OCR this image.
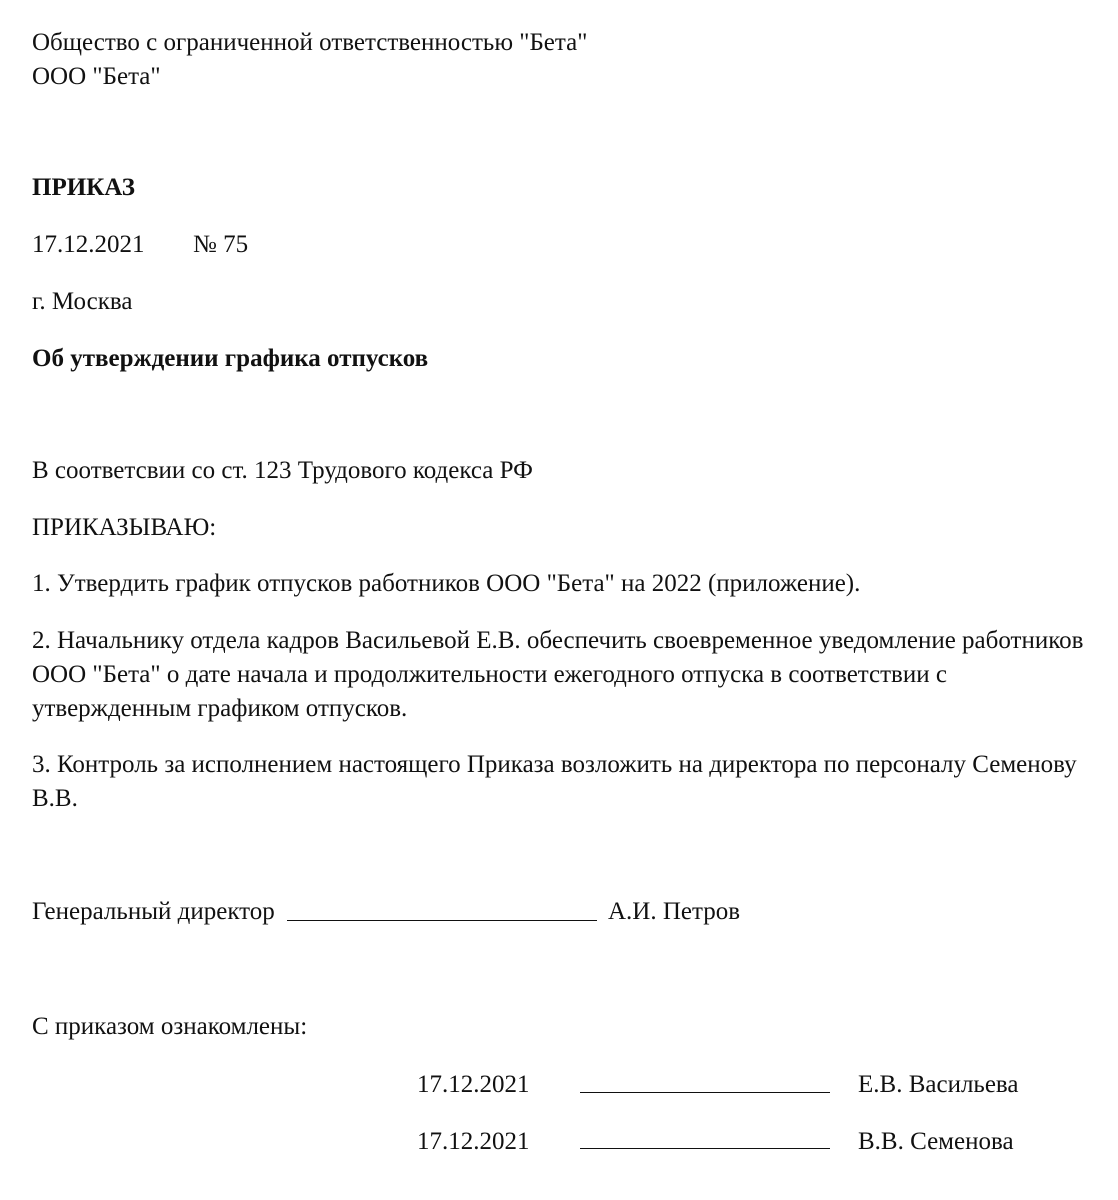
Общество с ограниченной ответственностью "Бета"
ООО "Бета"
ПРИКАЗ
17.12.2021 № 75
г. Москва
Об утверждении графика отпусков
В соответсвии со ст. 123 Трудового кодекса РФ
ПРИКАЗЫВАЮ:
1. Утвердить график отпусков работников ООО "Бета" на 2022 (приложение).
2. Начальнику отдела кадров Васильевой Е.В. обеспечить своевременное уведомление работников ООО "Бета" о дате начала и продолжительности ежегодного отпуска в соответствии с утвержденным графиком отпусков.
3. Контроль за исполнением настоящего Приказа возложить на директора по персоналу Семенову В.В.
Генеральный директор	А.И. Петров
С приказом ознакомлены:
17.12.2021	Е.В. Васильева
17.12.2021	В.В. Семенова
